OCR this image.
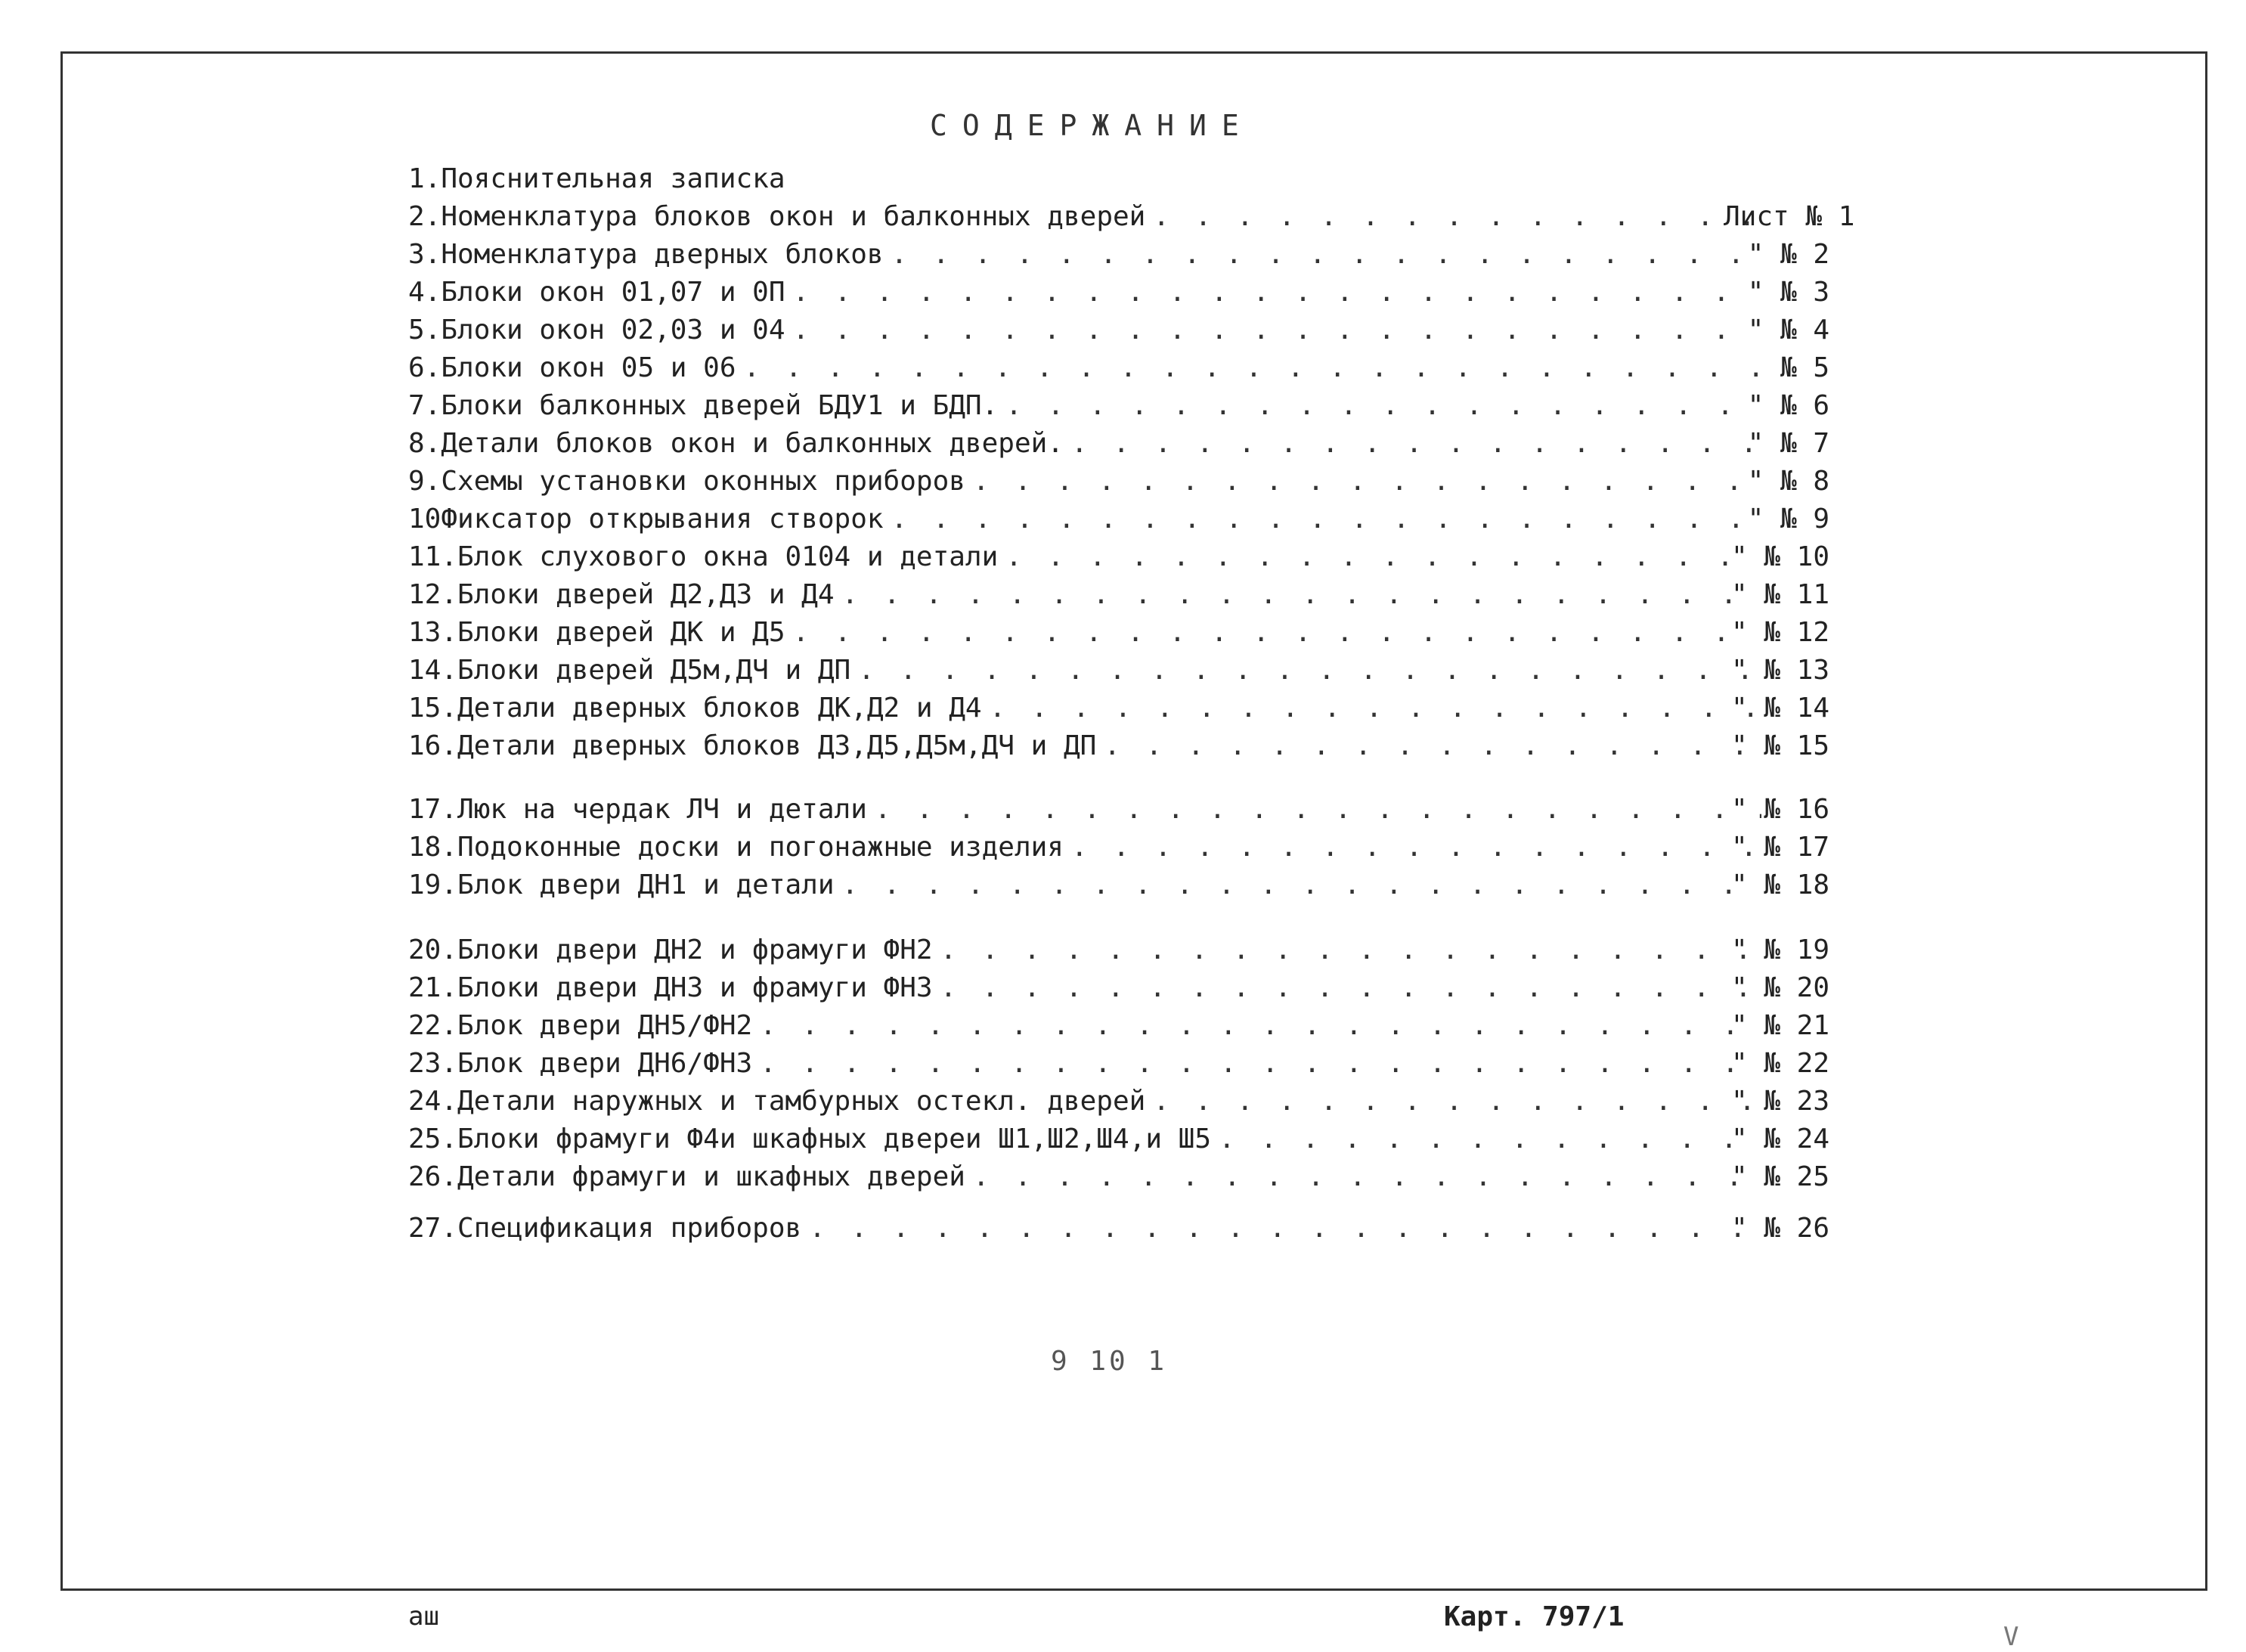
СОДЕРЖАНИЕ
1. Пояснительная записка
2. Номенклатура блоков окон и балконных дверей . . .	Лист № 1
3. Номенклатура дверных блоков . . .	" № 2
4. Блоки окон 01,07 и 0П . . .	" № 3
5. Блоки окон 02,03 и 04 . . .	" № 4
6. Блоки окон 05 и 06 . . .	№ 5
7. Блоки балконных дверей БДУ1 и БДП. . . .	" № 6
8. Детали блоков окон и балконных дверей. . . .	" № 7
9. Схемы установки оконных приборов . . .	" № 8
10 Фиксатор открывания створок . . .	" № 9
11. Блок слухового окна 0104 и детали . . .	" № 10
12. Блоки дверей Д2,Д3 и Д4 . . .	" № 11
13. Блоки дверей ДК и Д5 . . .	" № 12
14. Блоки дверей Д5м,ДЧ и ДП . . .	" № 13
15. Детали дверных блоков ДК,Д2 и Д4 . . .	" № 14
16. Детали дверных блоков Д3,Д5,Д5м,ДЧ и ДП . . .	" № 15
17. Люк на чердак ЛЧ и детали . . .	" № 16
18. Подоконные доски и погонажные изделия . . .	" № 17
19. Блок двери ДН1 и детали . . .	" № 18
20. Блоки двери ДН2 и фрамуги ФН2 . . .	" № 19
21. Блоки двери ДН3 и фрамуги ФН3 . . .	" № 20
22. Блок двери ДН5/ФН2 . . .	" № 21
23. Блок двери ДН6/ФН3 . . .	" № 22
24. Детали наружных и тамбурных остекл. дверей . . .	" № 23
25. Блоки фрамуги Ф4и шкафных двереи Ш1,Ш2,Ш4,и Ш5 . . .	" № 24
26. Детали фрамуги и шкафных дверей . . .	" № 25
27. Спецификация приборов . . .	" № 26
9 10 1
аш	Карт. 797/1
V
